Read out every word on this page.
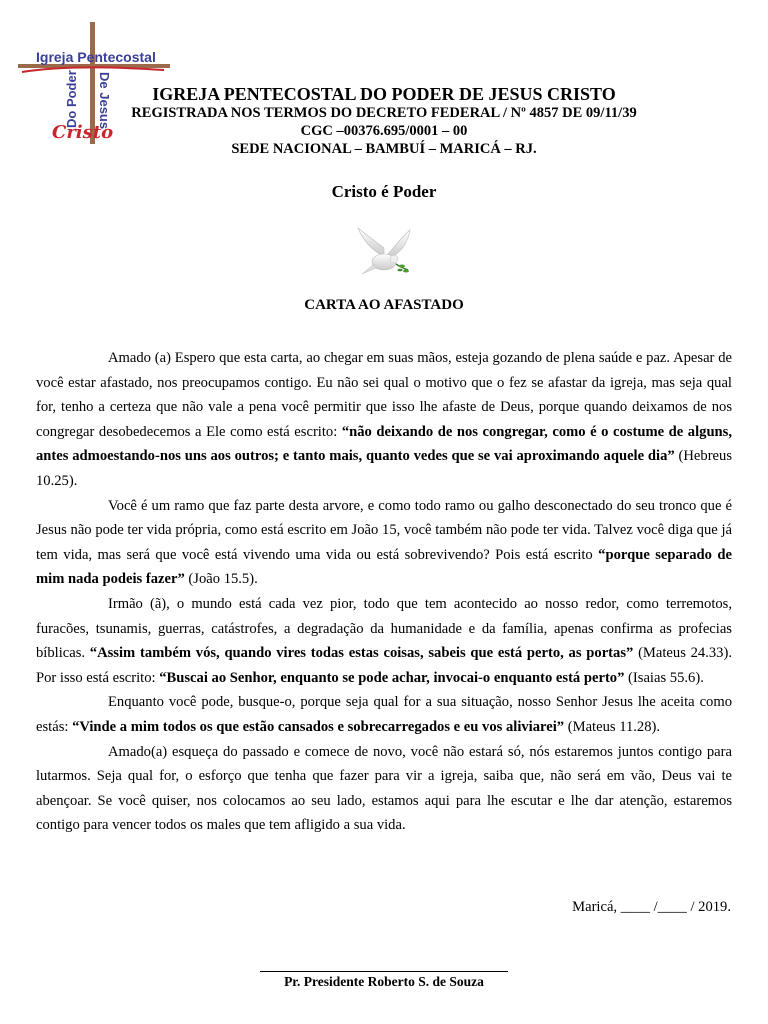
Igreja Pentecostal
Do Poder De Jesus
Cristo
IGREJA PENTECOSTAL DO PODER DE JESUS CRISTO
REGISTRADA NOS TERMOS DO DECRETO FEDERAL / Nº 4857 DE 09/11/39
CGC –00376.695/0001 – 00
SEDE NACIONAL – BAMBUÍ – MARICÁ – RJ.
Cristo é Poder
CARTA AO AFASTADO

Amado (a) Espero que esta carta, ao chegar em suas mãos, esteja gozando de plena saúde e paz. Apesar de você estar afastado, nos preocupamos contigo. Eu não sei qual o motivo que o fez se afastar da igreja, mas seja qual for, tenho a certeza que não vale a pena você permitir que isso lhe afaste de Deus, porque quando deixamos de nos congregar desobedecemos a Ele como está escrito: “não deixando de nos congregar, como é o costume de alguns, antes admoestando-nos uns aos outros; e tanto mais, quanto vedes que se vai aproximando aquele dia” (Hebreus 10.25).

Você é um ramo que faz parte desta arvore, e como todo ramo ou galho desconectado do seu tronco que é Jesus não pode ter vida própria, como está escrito em João 15, você também não pode ter vida. Talvez você diga que já tem vida, mas será que você está vivendo uma vida ou está sobrevivendo? Pois está escrito “porque separado de mim nada podeis fazer” (João 15.5).

Irmão (ã), o mundo está cada vez pior, todo que tem acontecido ao nosso redor, como terremotos, furacões, tsunamis, guerras, catástrofes, a degradação da humanidade e da família, apenas confirma as profecias bíblicas. “Assim também vós, quando vires todas estas coisas, sabeis que está perto, as portas” (Mateus 24.33). Por isso está escrito: “Buscai ao Senhor, enquanto se pode achar, invocai-o enquanto está perto” (Isaias 55.6).

Enquanto você pode, busque-o, porque seja qual for a sua situação, nosso Senhor Jesus lhe aceita como estás: “Vinde a mim todos os que estão cansados e sobrecarregados e eu vos aliviarei” (Mateus 11.28).

Amado(a) esqueça do passado e comece de novo, você não estará só, nós estaremos juntos contigo para lutarmos. Seja qual for, o esforço que tenha que fazer para vir a igreja, saiba que, não será em vão, Deus vai te abençoar. Se você quiser, nos colocamos ao seu lado, estamos aqui para lhe escutar e lhe dar atenção, estaremos contigo para vencer todos os males que tem afligido a sua vida.

Maricá, ____ /____ / 2019.
Pr. Presidente Roberto S. de Souza
